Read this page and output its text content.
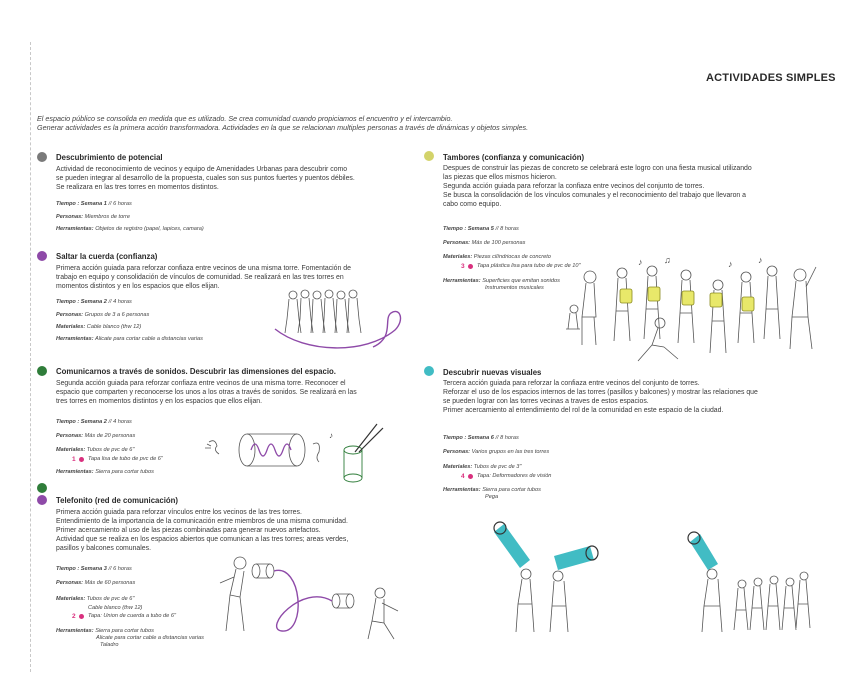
ACTIVIDADES SIMPLES
El espacio público se consolida en medida que es utilizado. Se crea comunidad cuando propiciamos el encuentro y el intercambio.
Generar actividades es la primera acción transformadora. Actividades en la que se relacionan multiples personas a través de dinámicas y objetos simples.
Descubrimiento de potencial
Actividad de reconocimiento de vecinos y equipo de Amenidades Urbanas para descubrir como
se pueden integrar al desarrollo de la propuesta, cuales son sus puntos fuertes y puentos débiles.
Se realizara en las tres torres en momentos distintos.
Tiempo : Semana 1 // 6 horas
Personas: Miembros de torre
Herramientas: Objetos de registro (papel, lapices, camara)
Saltar la cuerda (confianza)
Primera acción guiada para reforzar confiaza entre vecinos de una misma torre. Fomentación de
trabajo en equipo y consolidación de vínculos de comunidad. Se realizará en las tres torres en
momentos distintos y en los espacios que ellos elijan.
Tiempo : Semana 2 // 4 horas
Personas: Grupos de 3 a 6 personas
Materiales: Cable blanco (thw 12)
Herramientas: Alicate para cortar cable a distancias varias
Comunicarnos a través de sonidos. Descubrir las dimensiones del espacio.
Segunda acción guiada para reforzar confiaza entre vecinos de una misma torre. Reconocer el
espacio que comparten y reconocerse los unos a los otras a través de sonidos. Se realizará en las
tres torres en momentos distintos y en los espacios que ellos elijan.
Tiempo : Semana 2 // 4 horas
Personas: Más de 20 personas
Materiales: Tubos de pvc de 6"
1 Tapa lisa de tubo de pvc de 6"
Herramientas: Sierra para cortar tubos
♪
Telefonito (red de comunicación)
Primera acción guiada para reforzar vínculos entre los vecinos de las tres torres.
Entendimiento de la importancia de la comunicación entre miembros de una misma comunidad.
Primer acercamiento al uso de las piezas combinadas para generar nuevos artefactos.
Actividad que se realiza en los espacios abiertos que comunican a las tres torres; areas verdes,
pasillos y balcones comunales.
Tiempo : Semana 3 // 6 horas
Personas: Más de 60 personas
Materiales: Tubos de pvc de 6"
Cable blanco (thw 12)
2 Tapa: Union de cuerda a tubo de 6"
Herramientas: Sierra para cortar tubos
Alicate para cortar cable a distancias varias
Taladro
Tambores (confianza y comunicación)
Despues de construir las piezas de concreto se celebrará este logro con una fiesta musical utilizando
las piezas que ellos mismos hicieron.
Segunda acción guiada para reforzar la confiaza entre vecinos del conjunto de torres.
Se busca la consolidación de los vínculos comunales y el reconocimiento del trabajo que llevaron a
cabo como equipo.
Tiempo : Semana 5 // 8 horas
Personas: Más de 100 personas
Materiales: Piezas cilíndriocas de concreto
3 Tapa plástica lisa para tubo de pvc de 10"
Herramientas: Superficies que emitan sonidos
Instrumentos musicales
♪ ♫	♪	♪
Descubrir nuevas visuales
Tercera acción guiada para reforzar la confiaza entre vecinos del conjunto de torres.
Reforzar el uso de los espacios internos de las torres (pasillos y balcones) y mostrar las relaciones que
se pueden lograr con las torres vecinas a traves de estos espacios.
Primer acercamiento al entendimiento del rol de la comunidad en este espacio de la ciudad.
Tiempo : Semana 6 // 8 horas
Personas: Varios grupos en las tres torres
Materiales: Tubos de pvc de 3"
4 Tapa: Deformadores de visión
Herramientas: Sierra para cortar tubos
Pega
